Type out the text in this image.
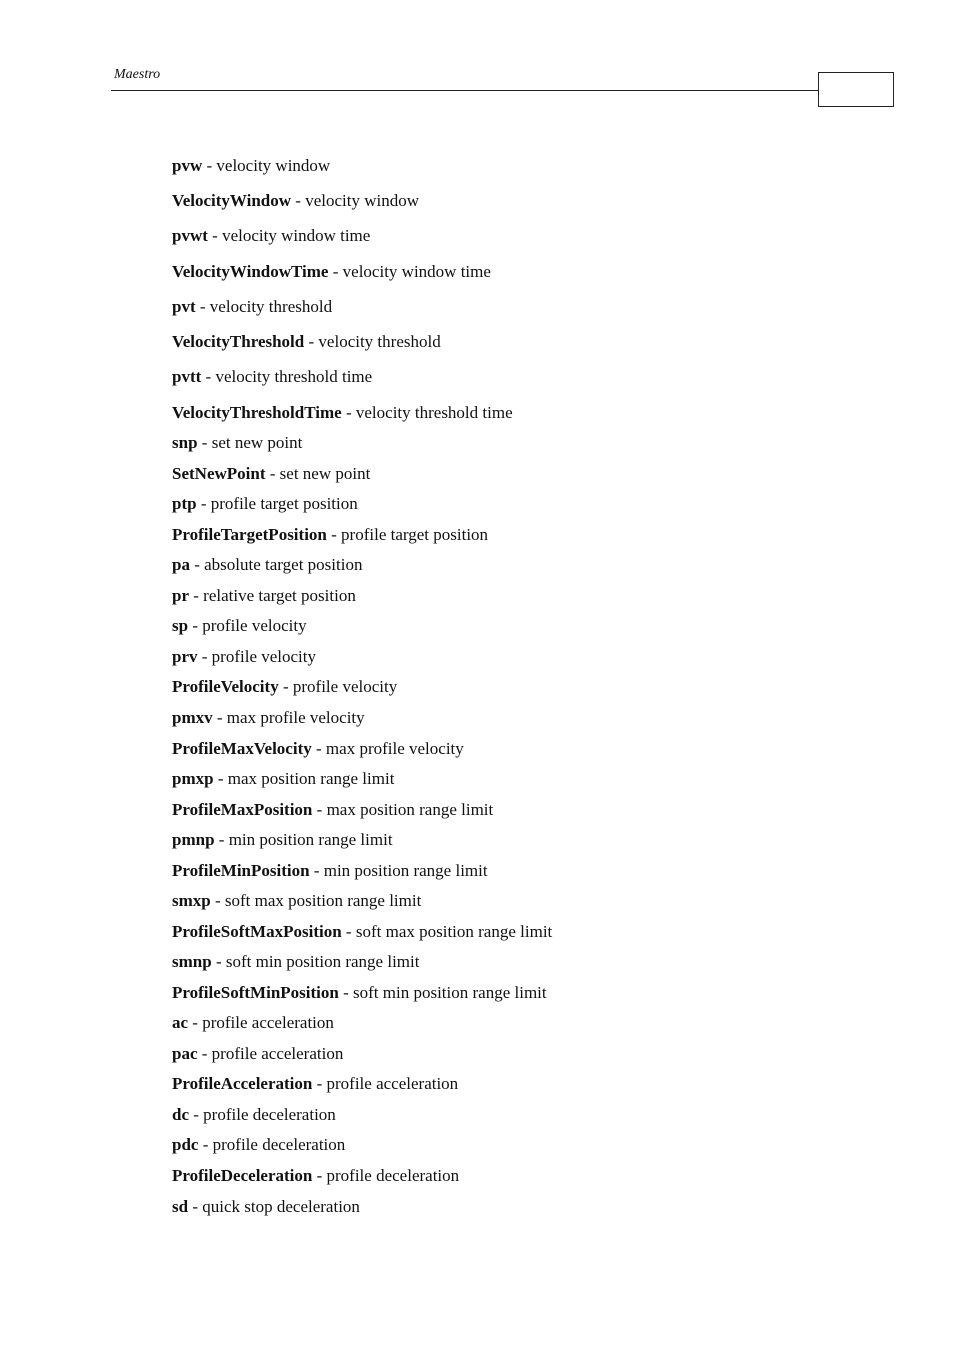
Maestro
pvw - velocity window
VelocityWindow - velocity window
pvwt - velocity window time
VelocityWindowTime - velocity window time
pvt - velocity threshold
VelocityThreshold - velocity threshold
pvtt - velocity threshold time
VelocityThresholdTime - velocity threshold time
snp - set new point
SetNewPoint - set new point
ptp - profile target position
ProfileTargetPosition - profile target position
pa - absolute target position
pr - relative target position
sp - profile velocity
prv - profile velocity
ProfileVelocity - profile velocity
pmxv - max profile velocity
ProfileMaxVelocity - max profile velocity
pmxp - max position range limit
ProfileMaxPosition - max position range limit
pmnp - min position range limit
ProfileMinPosition - min position range limit
smxp - soft max position range limit
ProfileSoftMaxPosition - soft max position range limit
smnp - soft min position range limit
ProfileSoftMinPosition - soft min position range limit
ac - profile acceleration
pac - profile acceleration
ProfileAcceleration - profile acceleration
dc - profile deceleration
pdc - profile deceleration
ProfileDeceleration - profile deceleration
sd - quick stop deceleration
